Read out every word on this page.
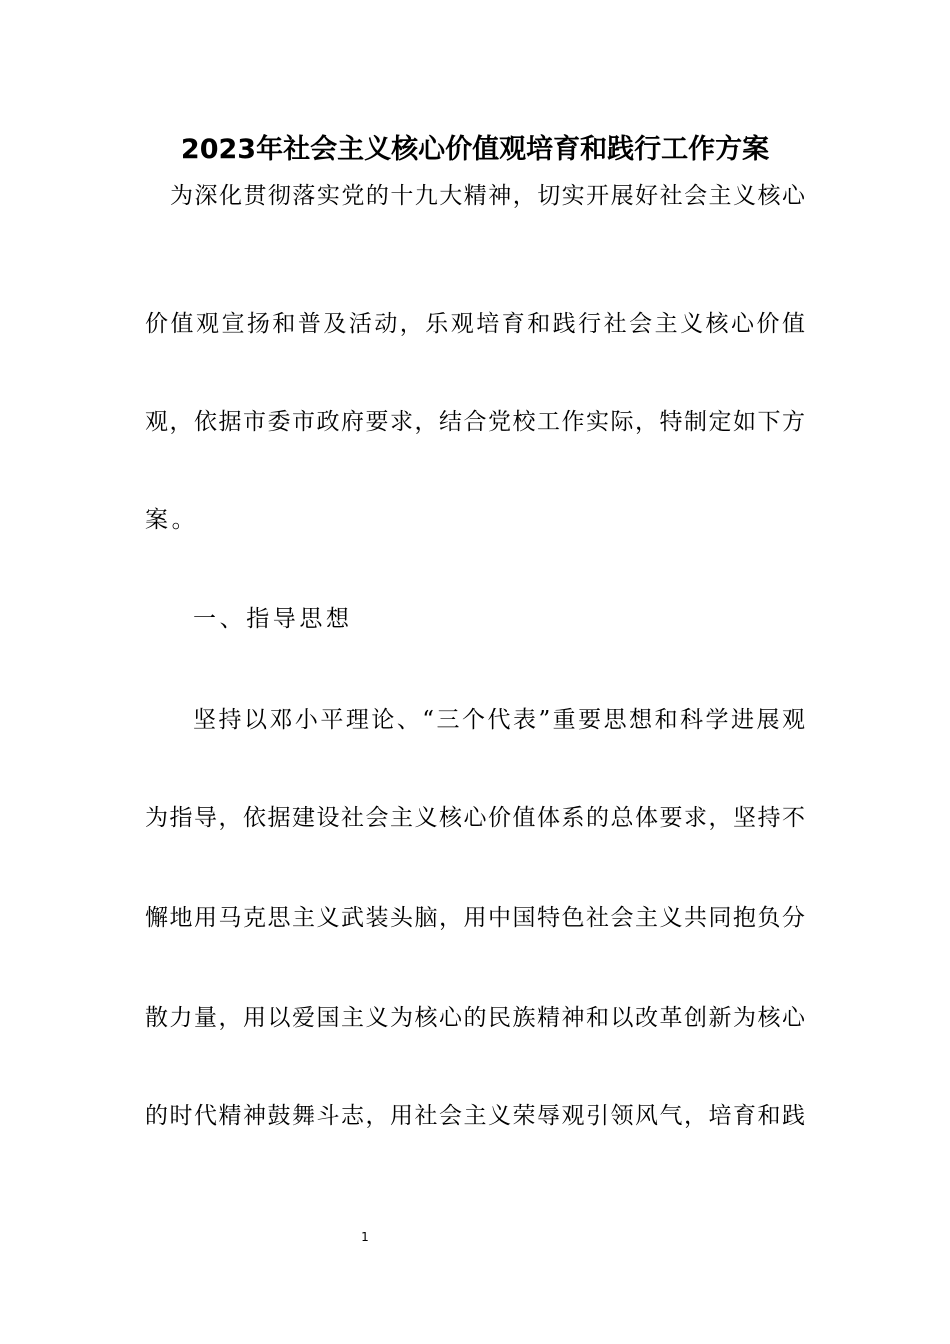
2023年社会主义核心价值观培育和践行工作方案
为深化贯彻落实党的十九大精神，切实开展好社会主义核心
价值观宣扬和普及活动，乐观培育和践行社会主义核心价值
观，依据市委市政府要求，结合党校工作实际，特制定如下方
案。
一、指导思想
坚持以邓小平理论、“三个代表”重要思想和科学进展观
为指导，依据建设社会主义核心价值体系的总体要求，坚持不
懈地用马克思主义武装头脑，用中国特色社会主义共同抱负分
散力量，用以爱国主义为核心的民族精神和以改革创新为核心
的时代精神鼓舞斗志，用社会主义荣辱观引领风气，培育和践
1
